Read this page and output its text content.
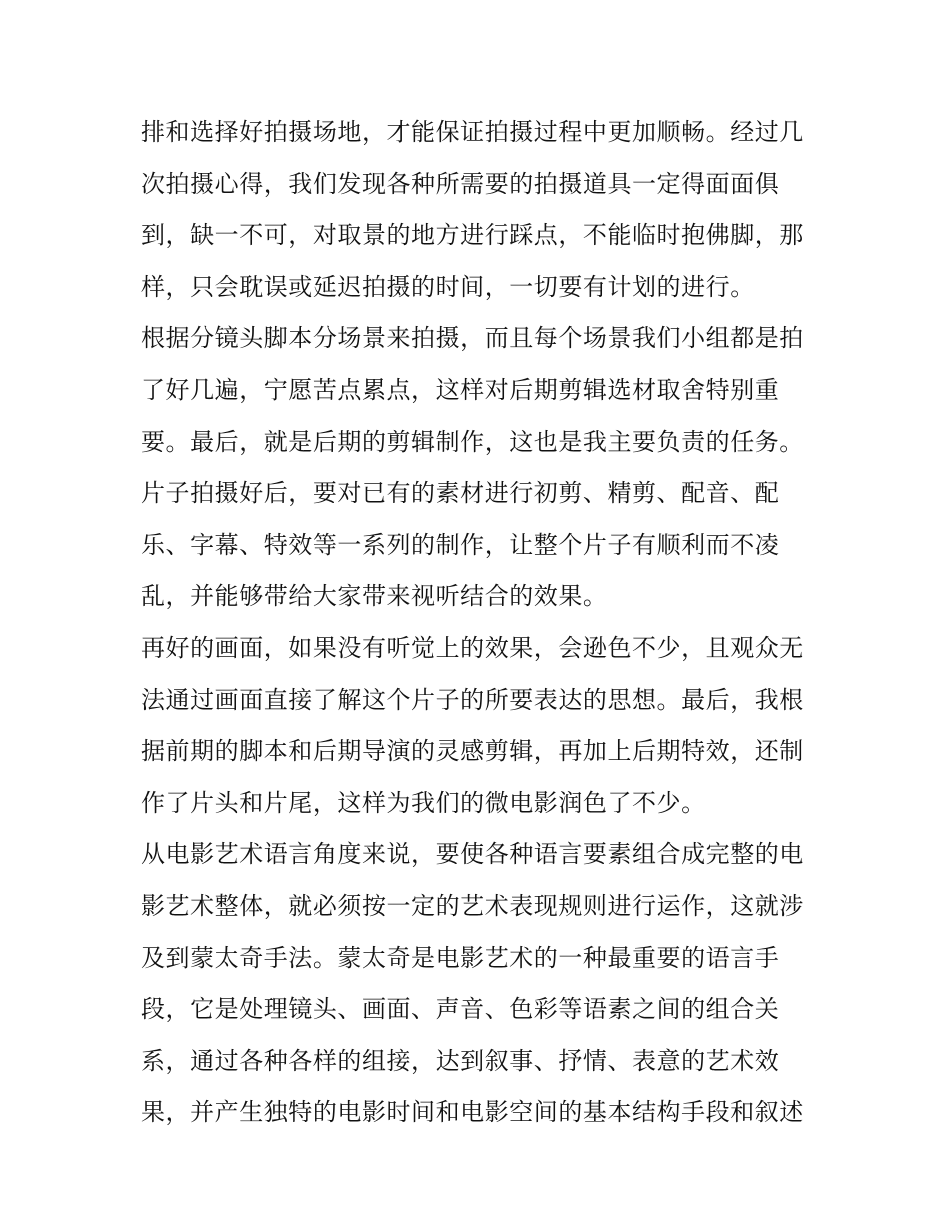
排和选择好拍摄场地，才能保证拍摄过程中更加顺畅。经过几
次拍摄心得，我们发现各种所需要的拍摄道具一定得面面俱
到，缺一不可，对取景的地方进行踩点，不能临时抱佛脚，那
样，只会耽误或延迟拍摄的时间，一切要有计划的进行。
根据分镜头脚本分场景来拍摄，而且每个场景我们小组都是拍
了好几遍，宁愿苦点累点，这样对后期剪辑选材取舍特别重
要。最后，就是后期的剪辑制作，这也是我主要负责的任务。
片子拍摄好后，要对已有的素材进行初剪、精剪、配音、配
乐、字幕、特效等一系列的制作，让整个片子有顺利而不凌
乱，并能够带给大家带来视听结合的效果。
再好的画面，如果没有听觉上的效果，会逊色不少，且观众无
法通过画面直接了解这个片子的所要表达的思想。最后，我根
据前期的脚本和后期导演的灵感剪辑，再加上后期特效，还制
作了片头和片尾，这样为我们的微电影润色了不少。
从电影艺术语言角度来说，要使各种语言要素组合成完整的电
影艺术整体，就必须按一定的艺术表现规则进行运作，这就涉
及到蒙太奇手法。蒙太奇是电影艺术的一种最重要的语言手
段，它是处理镜头、画面、声音、色彩等语素之间的组合关
系，通过各种各样的组接，达到叙事、抒情、表意的艺术效
果，并产生独特的电影时间和电影空间的基本结构手段和叙述
